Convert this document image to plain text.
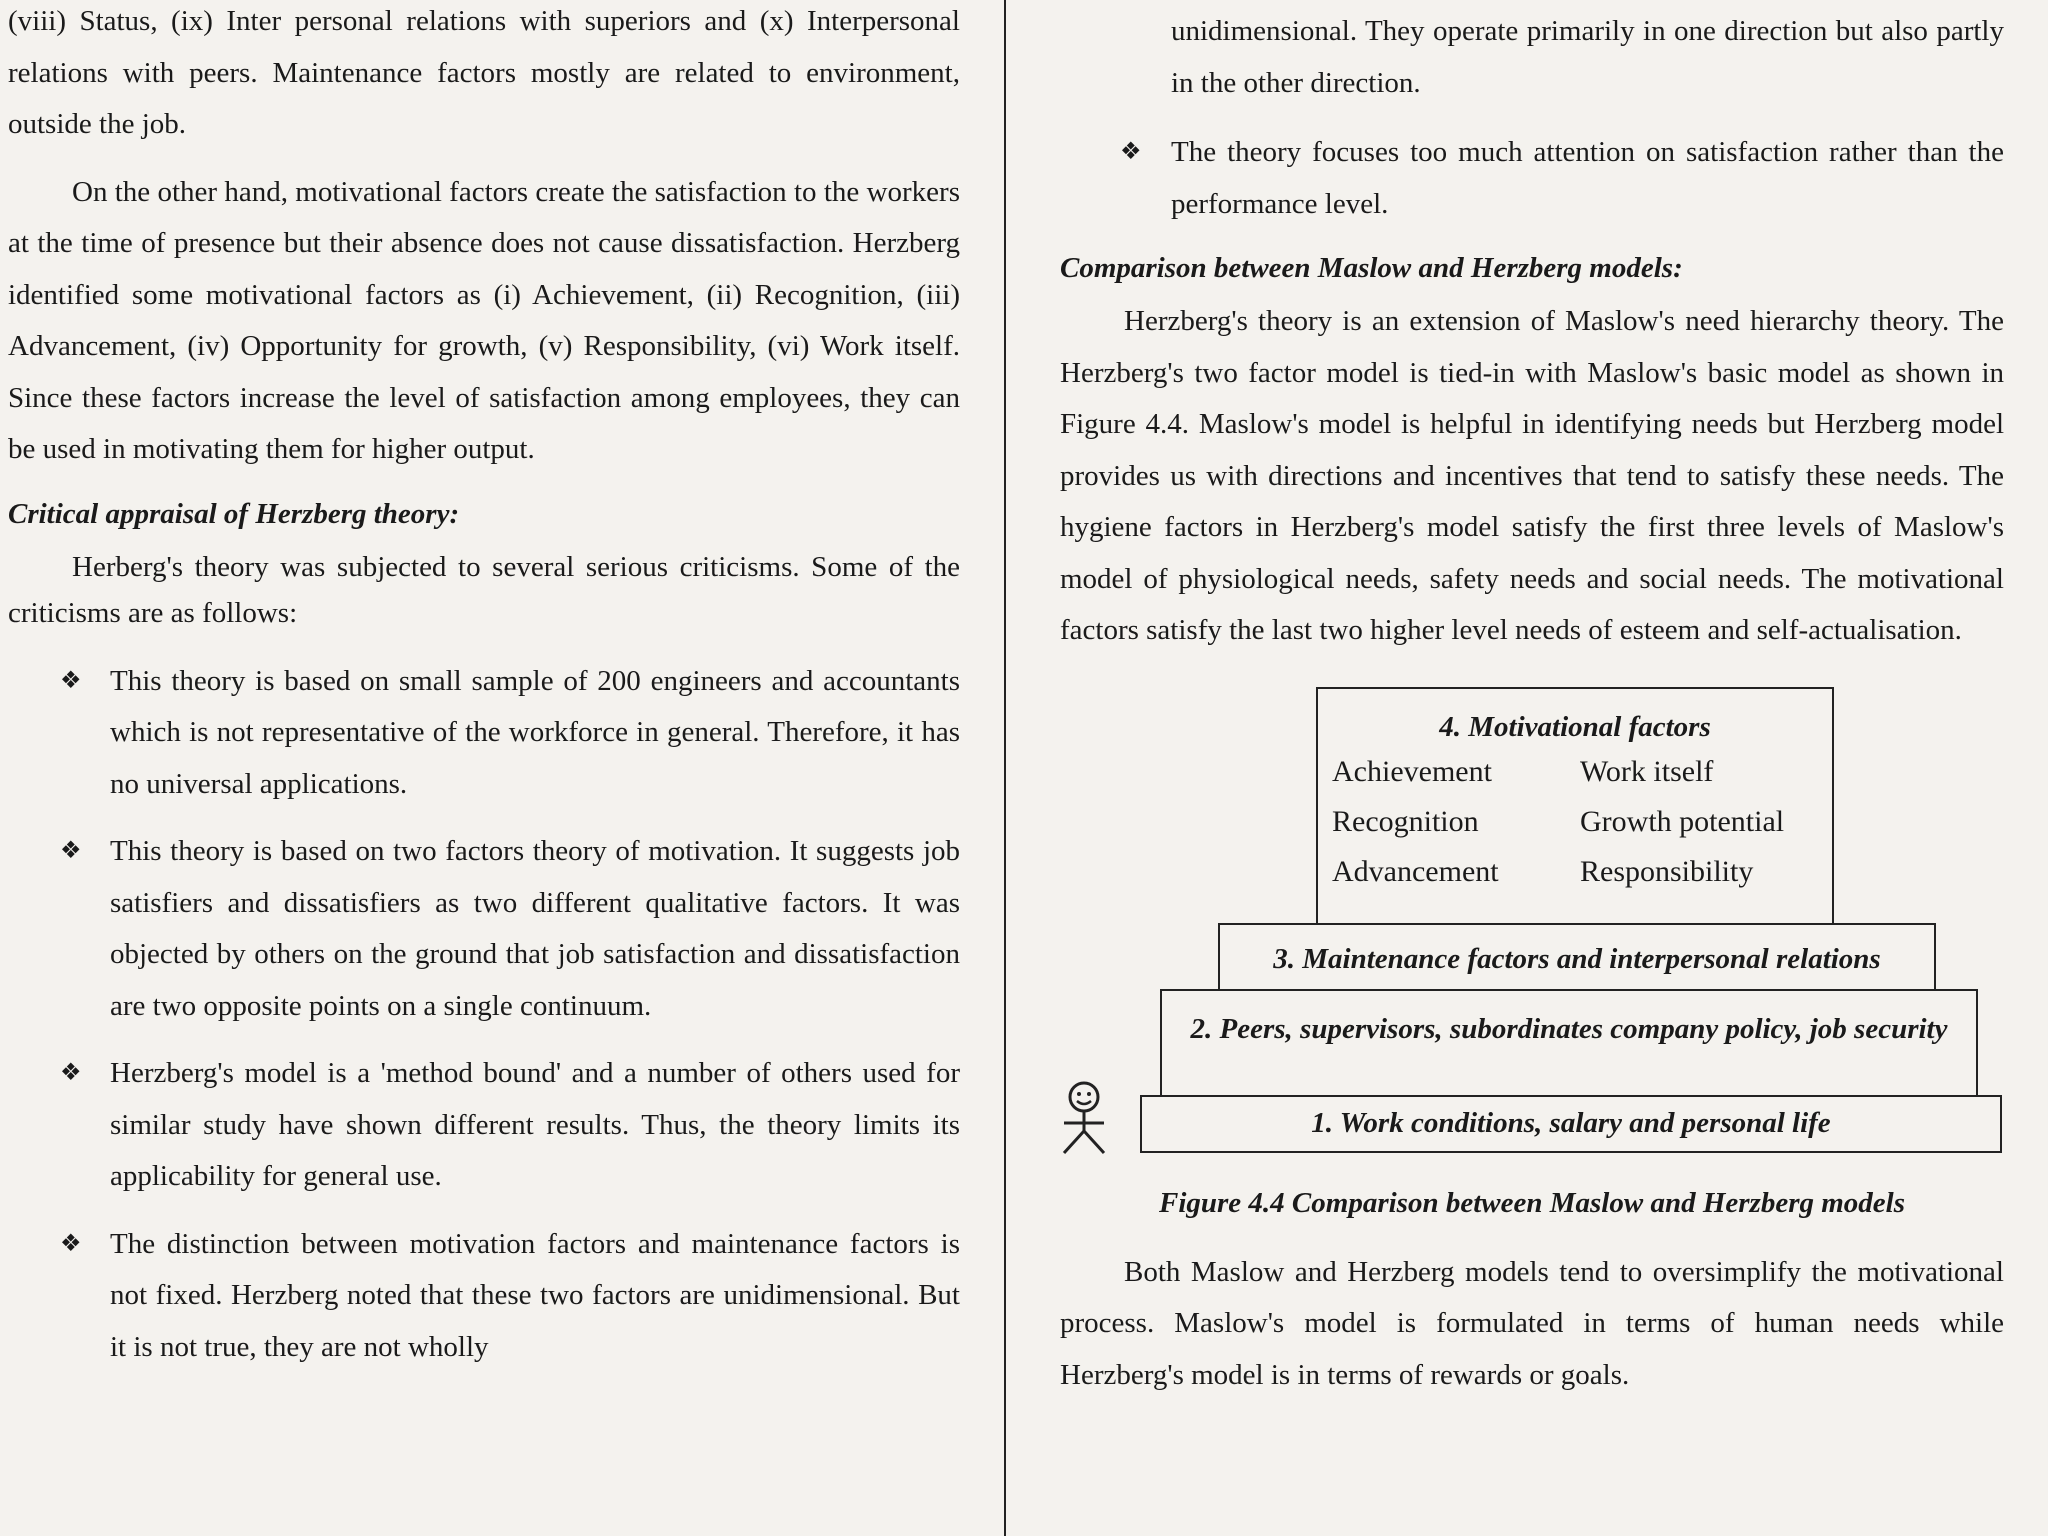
(viii) Status, (ix) Inter personal relations with superiors and (x) Interpersonal relations with peers. Maintenance factors mostly are related to environment, outside the job.

On the other hand, motivational factors create the satisfaction to the workers at the time of presence but their absence does not cause dissatisfaction. Herzberg identified some motivational factors as (i) Achievement, (ii) Recognition, (iii) Advancement, (iv) Opportunity for growth, (v) Responsibility, (vi) Work itself. Since these factors increase the level of satisfaction among employees, they can be used in motivating them for higher output.

Critical appraisal of Herzberg theory:

Herberg's theory was subjected to several serious criticisms. Some of the criticisms are as follows:

❖ This theory is based on small sample of 200 engineers and accountants which is not representative of the workforce in general. Therefore, it has no universal applications.
❖ This theory is based on two factors theory of motivation. It suggests job satisfiers and dissatisfiers as two different qualitative factors. It was objected by others on the ground that job satisfaction and dissatisfaction are two opposite points on a single continuum.
❖ Herzberg's model is a 'method bound' and a number of others used for similar study have shown different results. Thus, the theory limits its applicability for general use.
❖ The distinction between motivation factors and maintenance factors is not fixed. Herzberg noted that these two factors are unidimensional. But it is not true, they are not wholly
unidimensional. They operate primarily in one direction but also partly in the other direction.
❖ The theory focuses too much attention on satisfaction rather than the performance level.

Comparison between Maslow and Herzberg models:

Herzberg's theory is an extension of Maslow's need hierarchy theory. The Herzberg's two factor model is tied-in with Maslow's basic model as shown in Figure 4.4. Maslow's model is helpful in identifying needs but Herzberg model provides us with directions and incentives that tend to satisfy these needs. The hygiene factors in Herzberg's model satisfy the first three levels of Maslow's model of physiological needs, safety needs and social needs. The motivational factors satisfy the last two higher level needs of esteem and self-actualisation.

4. Motivational factors
Achievement	Work itself
Recognition	Growth potential
Advancement	Responsibility
3. Maintenance factors and interpersonal relations
2. Peers, supervisors, subordinates company policy, job security
1. Work conditions, salary and personal life
Figure 4.4 Comparison between Maslow and Herzberg models

Both Maslow and Herzberg models tend to oversimplify the motivational process. Maslow's model is formulated in terms of human needs while Herzberg's model is in terms of rewards or goals.
